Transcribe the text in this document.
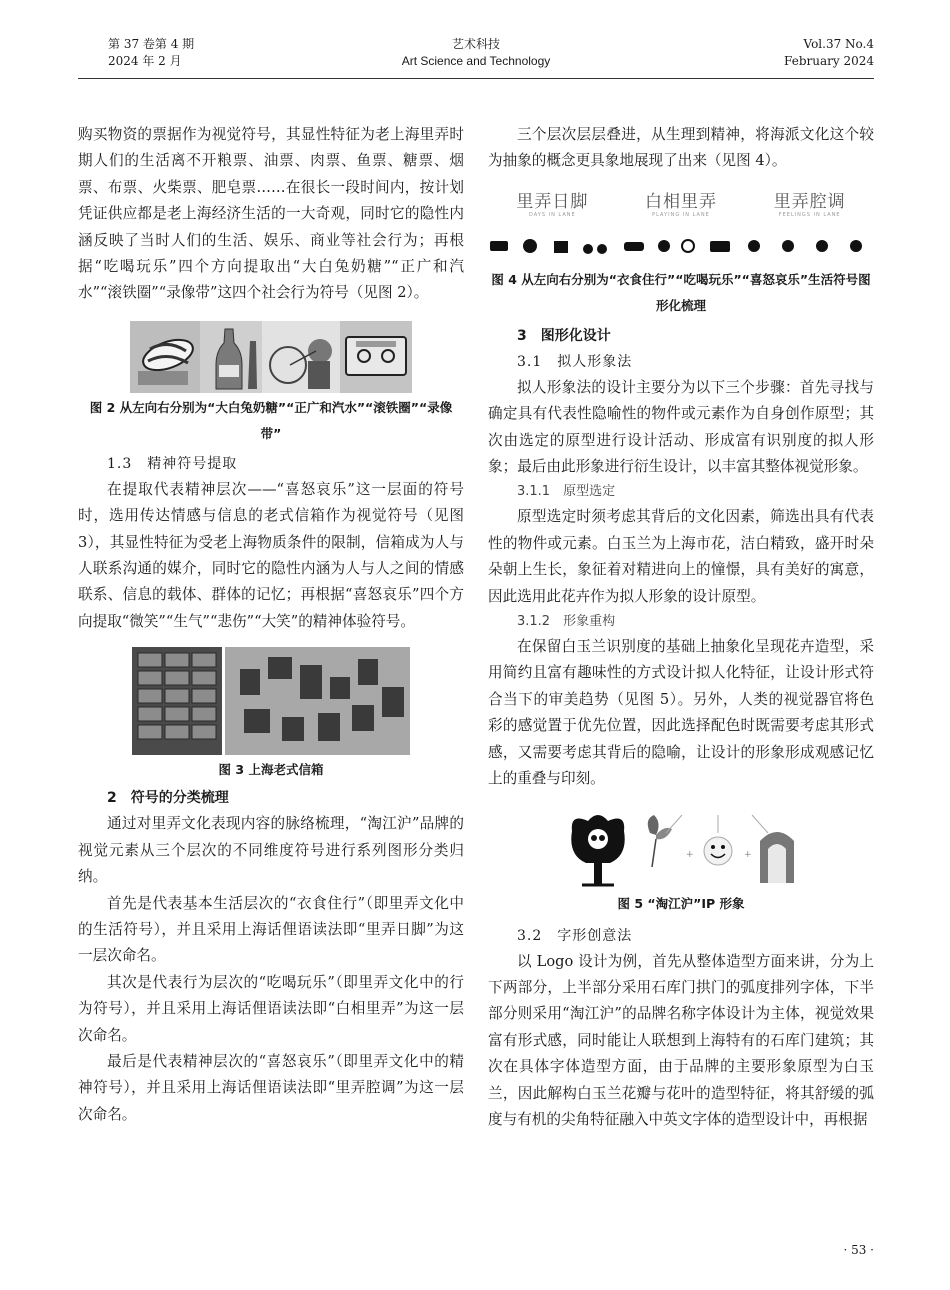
第 37 卷第 4 期
2024 年 2 月
艺术科技
Art Science and Technology
Vol.37 No.4
February 2024

购买物资的票据作为视觉符号，其显性特征为老上海里弄时期人们的生活离不开粮票、油票、肉票、鱼票、糖票、烟票、布票、火柴票、肥皂票……在很长一段时间内，按计划凭证供应都是老上海经济生活的一大奇观，同时它的隐性内涵反映了当时人们的生活、娱乐、商业等社会行为；再根据“吃喝玩乐”四个方向提取出“大白兔奶糖”“正广和汽水”“滚铁圈”“录像带”这四个社会行为符号（见图 2）。

图 2 从左向右分别为“大白兔奶糖”“正广和汽水”“滚铁圈”“录像带”
1.3　精神符号提取

在提取代表精神层次——“喜怒哀乐”这一层面的符号时，选用传达情感与信息的老式信箱作为视觉符号（见图 3），其显性特征为受老上海物质条件的限制，信箱成为人与人联系沟通的媒介，同时它的隐性内涵为人与人之间的情感联系、信息的载体、群体的记忆；再根据“喜怒哀乐”四个方向提取“微笑”“生气”“悲伤”“大笑”的精神体验符号。

图 3 上海老式信箱
2　符号的分类梳理

通过对里弄文化表现内容的脉络梳理，“淘江沪”品牌的视觉元素从三个层次的不同维度符号进行系列图形分类归纳。

首先是代表基本生活层次的“衣食住行”（即里弄文化中的生活符号），并且采用上海话俚语读法即“里弄日脚”为这一层次命名。

其次是代表行为层次的“吃喝玩乐”（即里弄文化中的行为符号），并且采用上海话俚语读法即“白相里弄”为这一层次命名。

最后是代表精神层次的“喜怒哀乐”（即里弄文化中的精神符号），并且采用上海话俚语读法即“里弄腔调”为这一层次命名。

三个层次层层叠进，从生理到精神，将海派文化这个较为抽象的概念更具象地展现了出来（见图 4）。

里弄日脚
DAYS IN LANE
白相里弄
PLAYING IN LANE
里弄腔调
FEELINGS IN LANE
图 4 从左向右分别为“衣食住行”“吃喝玩乐”“喜怒哀乐”生活符号图形化梳理
3　图形化设计
3.1　拟人形象法

拟人形象法的设计主要分为以下三个步骤：首先寻找与确定具有代表性隐喻性的物件或元素作为自身创作原型；其次由选定的原型进行设计活动、形成富有识别度的拟人形象；最后由此形象进行衍生设计，以丰富其整体视觉形象。

3.1.1　原型选定

原型选定时须考虑其背后的文化因素，筛选出具有代表性的物件或元素。白玉兰为上海市花，洁白精致，盛开时朵朵朝上生长，象征着对精进向上的憧憬，具有美好的寓意，因此选用此花卉作为拟人形象的设计原型。

3.1.2　形象重构

在保留白玉兰识别度的基础上抽象化呈现花卉造型，采用简约且富有趣味性的方式设计拟人化特征，让设计形式符合当下的审美趋势（见图 5）。另外，人类的视觉器官将色彩的感觉置于优先位置，因此选择配色时既需要考虑其形式感，又需要考虑其背后的隐喻，让设计的形象形成观感记忆上的重叠与印刻。

+	+
图 5 “淘江沪”IP 形象
3.2　字形创意法

以 Logo 设计为例，首先从整体造型方面来讲，分为上下两部分，上半部分采用石库门拱门的弧度排列字体，下半部分则采用“淘江沪”的品牌名称字体设计为主体，视觉效果富有形式感，同时能让人联想到上海特有的石库门建筑；其次在具体字体造型方面，由于品牌的主要形象原型为白玉兰，因此解构白玉兰花瓣与花叶的造型特征，将其舒缓的弧度与有机的尖角特征融入中英文字体的造型设计中，再根据

· 53 ·
